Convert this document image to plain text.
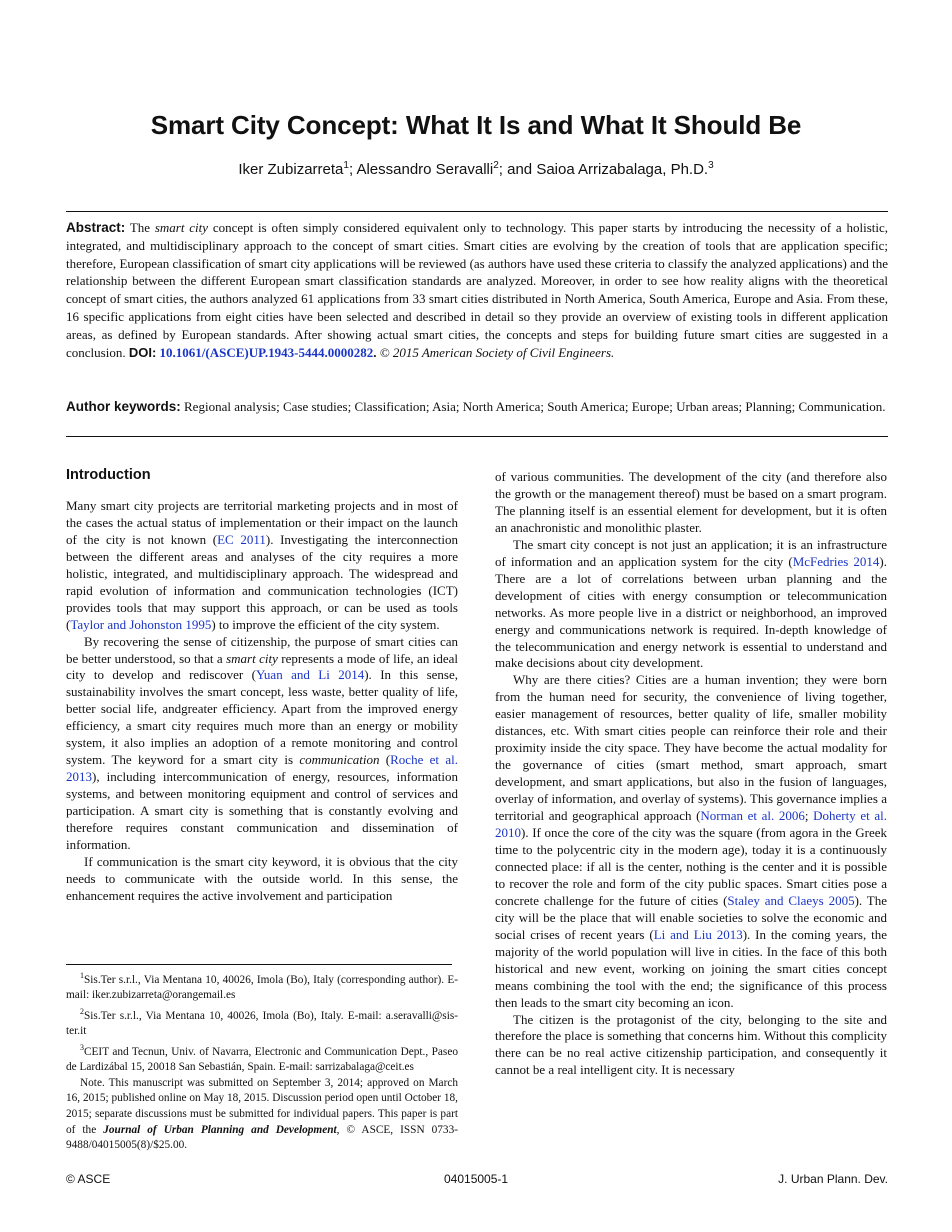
Smart City Concept: What It Is and What It Should Be
Iker Zubizarreta$^1$; Alessandro Seravalli$^2$; and Saioa Arrizabalaga, Ph.D.$^3$
Abstract: The smart city concept is often simply considered equivalent only to technology. This paper starts by introducing the necessity of a holistic, integrated, and multidisciplinary approach to the concept of smart cities. Smart cities are evolving by the creation of tools that are application specific; therefore, European classification of smart city applications will be reviewed (as authors have used these criteria to classify the analyzed applications) and the relationship between the different European smart classification standards are analyzed. Moreover, in order to see how reality aligns with the theoretical concept of smart cities, the authors analyzed 61 applications from 33 smart cities distributed in North America, South America, Europe and Asia. From these, 16 specific applications from eight cities have been selected and described in detail so they provide an overview of existing tools in different application areas, as defined by European standards. After showing actual smart cities, the concepts and steps for building future smart cities are suggested in a conclusion. DOI: 10.1061/(ASCE)UP.1943-5444.0000282. © 2015 American Society of Civil Engineers.
Author keywords: Regional analysis; Case studies; Classification; Asia; North America; South America; Europe; Urban areas; Planning; Communication.
Introduction

Many smart city projects are territorial marketing projects and in most of the cases the actual status of implementation or their impact on the launch of the city is not known (EC 2011). Investigating the interconnection between the different areas and analyses of the city requires a more holistic, integrated, and multidisciplinary approach. The widespread and rapid evolution of information and communication technologies (ICT) provides tools that may support this approach, or can be used as tools (Taylor and Johonston 1995) to improve the efficient of the city system.

By recovering the sense of citizenship, the purpose of smart cities can be better understood, so that a smart city represents a mode of life, an ideal city to develop and rediscover (Yuan and Li 2014). In this sense, sustainability involves the smart concept, less waste, better quality of life, better social life, andgreater efficiency. Apart from the improved energy efficiency, a smart city requires much more than an energy or mobility system, it also implies an adoption of a remote monitoring and control system. The keyword for a smart city is communication (Roche et al. 2013), including intercommunication of energy, resources, information systems, and between monitoring equipment and control of services and participation. A smart city is something that is constantly evolving and therefore requires constant communication and dissemination of information.

If communication is the smart city keyword, it is obvious that the city needs to communicate with the outside world. In this sense, the enhancement requires the active involvement and participation

$^1$Sis.Ter s.r.l., Via Mentana 10, 40026, Imola (Bo), Italy (corresponding author). E-mail: iker.zubizarreta@orangemail.es

$^2$Sis.Ter s.r.l., Via Mentana 10, 40026, Imola (Bo), Italy. E-mail: a.seravalli@sis-ter.it

$^3$CEIT and Tecnun, Univ. of Navarra, Electronic and Communication Dept., Paseo de Lardizábal 15, 20018 San Sebastián, Spain. E-mail: sarrizabalaga@ceit.es

Note. This manuscript was submitted on September 3, 2014; approved on March 16, 2015; published online on May 18, 2015. Discussion period open until October 18, 2015; separate discussions must be submitted for individual papers. This paper is part of the Journal of Urban Planning and Development, © ASCE, ISSN 0733-9488/04015005(8)/$25.00.

of various communities. The development of the city (and therefore also the growth or the management thereof) must be based on a smart program. The planning itself is an essential element for development, but it is often an anachronistic and monolithic plaster.

The smart city concept is not just an application; it is an infrastructure of information and an application system for the city (McFedries 2014). There are a lot of correlations between urban planning and the development of cities with energy consumption or telecommunication networks. As more people live in a district or neighborhood, an improved energy and communications network is required. In-depth knowledge of the telecommunication and energy network is essential to understand and make decisions about city development.

Why are there cities? Cities are a human invention; they were born from the human need for security, the convenience of living together, easier management of resources, better quality of life, smaller mobility distances, etc. With smart cities people can reinforce their role and their proximity inside the city space. They have become the actual modality for the governance of cities (smart method, smart approach, smart development, and smart applications, but also in the fusion of languages, overlay of information, and overlay of systems). This governance implies a territorial and geographical approach (Norman et al. 2006; Doherty et al. 2010). If once the core of the city was the square (from agora in the Greek time to the polycentric city in the modern age), today it is a continuously connected place: if all is the center, nothing is the center and it is possible to recover the role and form of the city public spaces. Smart cities pose a concrete challenge for the future of cities (Staley and Claeys 2005). The city will be the place that will enable societies to solve the economic and social crises of recent years (Li and Liu 2013). In the coming years, the majority of the world population will live in cities. In the face of this both historical and new event, working on joining the smart cities concept means combining the tool with the end; the significance of this process then leads to the smart city becoming an icon.

The citizen is the protagonist of the city, belonging to the site and therefore the place is something that concerns him. Without this complicity there can be no real active citizenship participation, and consequently it cannot be a real intelligent city. It is necessary

© ASCE	04015005-1	J. Urban Plann. Dev.
